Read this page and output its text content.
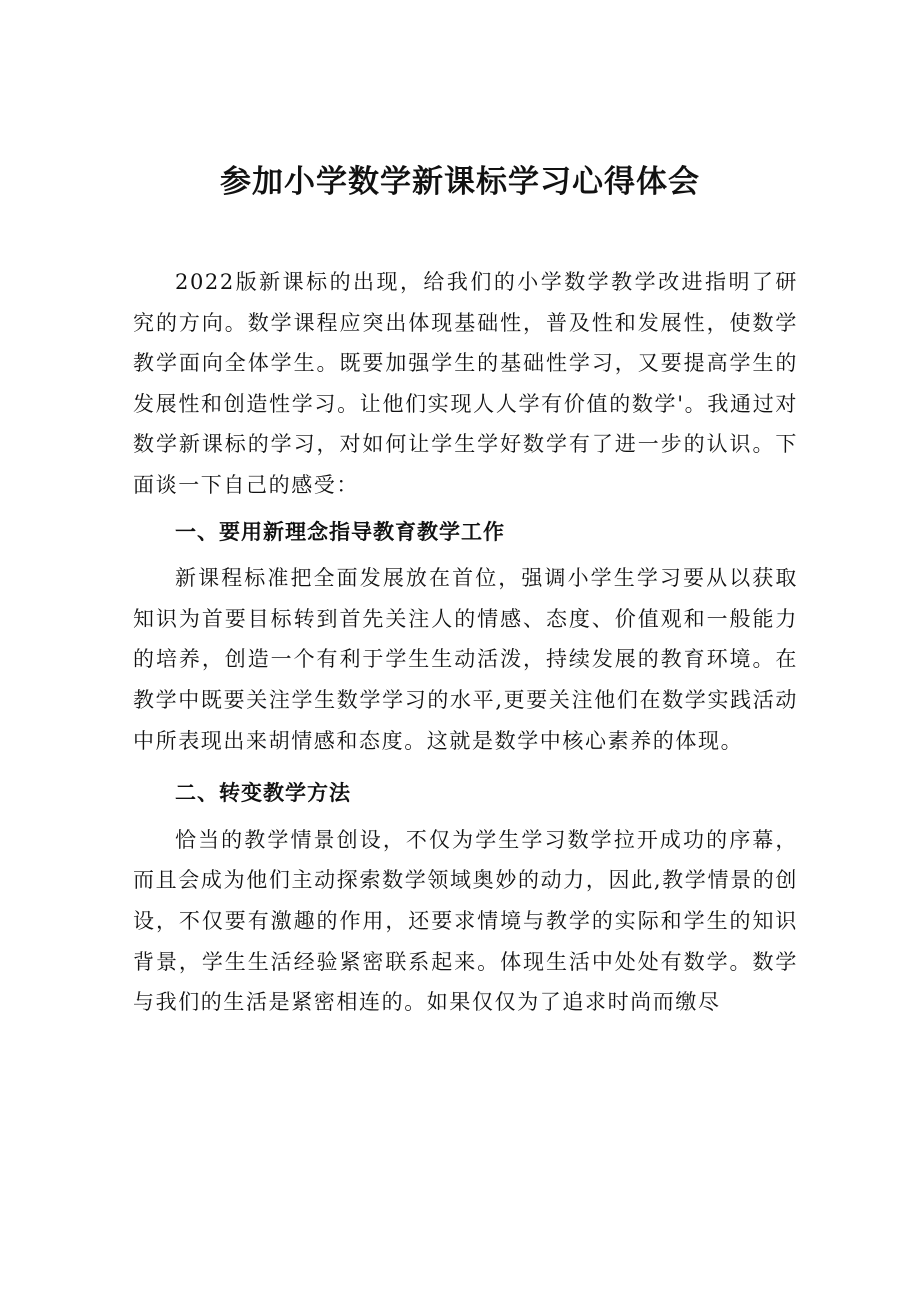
参加小学数学新课标学习心得体会

2022版新课标的出现，给我们的小学数学教学改进指明了研究的方向。数学课程应突出体现基础性，普及性和发展性，使数学教学面向全体学生。既要加强学生的基础性学习，又要提高学生的发展性和创造性学习。让他们实现人人学有价值的数学'。我通过对数学新课标的学习，对如何让学生学好数学有了进一步的认识。下面谈一下自己的感受：

一、要用新理念指导教育教学工作

新课程标准把全面发展放在首位，强调小学生学习要从以获取知识为首要目标转到首先关注人的情感、态度、价值观和一般能力的培养，创造一个有利于学生生动活泼，持续发展的教育环境。在教学中既要关注学生数学学习的水平,更要关注他们在数学实践活动中所表现出来胡情感和态度。这就是数学中核心素养的体现。

二、转变教学方法

恰当的教学情景创设，不仅为学生学习数学拉开成功的序幕，而且会成为他们主动探索数学领域奥妙的动力，因此,教学情景的创设，不仅要有激趣的作用，还要求情境与教学的实际和学生的知识背景，学生生活经验紧密联系起来。体现生活中处处有数学。数学与我们的生活是紧密相连的。如果仅仅为了追求时尚而缴尽
